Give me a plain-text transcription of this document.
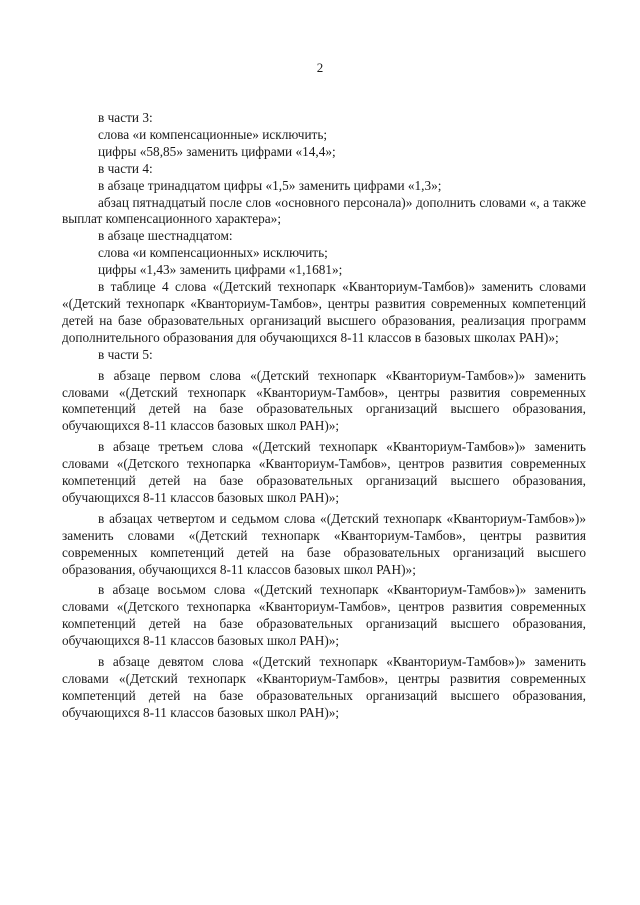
2

в части 3:

слова «и компенсационные» исключить;

цифры «58,85» заменить цифрами «14,4»;

в части 4:

в абзаце тринадцатом цифры «1,5» заменить цифрами «1,3»;

абзац пятнадцатый после слов «основного персонала)» дополнить словами «, а также выплат компенсационного характера»;

в абзаце шестнадцатом:

слова «и компенсационных» исключить;

цифры «1,43» заменить цифрами «1,1681»;

в таблице 4 слова «(Детский технопарк «Кванториум-Тамбов)» заменить словами «(Детский технопарк «Кванториум-Тамбов», центры развития современных компетенций детей на базе образовательных организаций высшего образования, реализация программ дополнительного образования для обучающихся 8-11 классов в базовых школах РАН)»;

в части 5:

в абзаце первом слова «(Детский технопарк «Кванториум-Тамбов»)» заменить словами «(Детский технопарк «Кванториум-Тамбов», центры развития современных компетенций детей на базе образовательных организаций высшего образования, обучающихся 8-11 классов базовых школ РАН)»;

в абзаце третьем слова «(Детский технопарк «Кванториум-Тамбов»)» заменить словами «(Детского технопарка «Кванториум-Тамбов», центров развития современных компетенций детей на базе образовательных организаций высшего образования, обучающихся 8-11 классов базовых школ РАН)»;

в абзацах четвертом и седьмом слова «(Детский технопарк «Кванториум-Тамбов»)» заменить словами «(Детский технопарк «Кванториум-Тамбов», центры развития современных компетенций детей на базе образовательных организаций высшего образования, обучающихся 8-11 классов базовых школ РАН)»;

в абзаце восьмом слова «(Детский технопарк «Кванториум-Тамбов»)» заменить словами «(Детского технопарка «Кванториум-Тамбов», центров развития современных компетенций детей на базе образовательных организаций высшего образования, обучающихся 8-11 классов базовых школ РАН)»;

в абзаце девятом слова «(Детский технопарк «Кванториум-Тамбов»)» заменить словами «(Детский технопарк «Кванториум-Тамбов», центры развития современных компетенций детей на базе образовательных организаций высшего образования, обучающихся 8-11 классов базовых школ РАН)»;
